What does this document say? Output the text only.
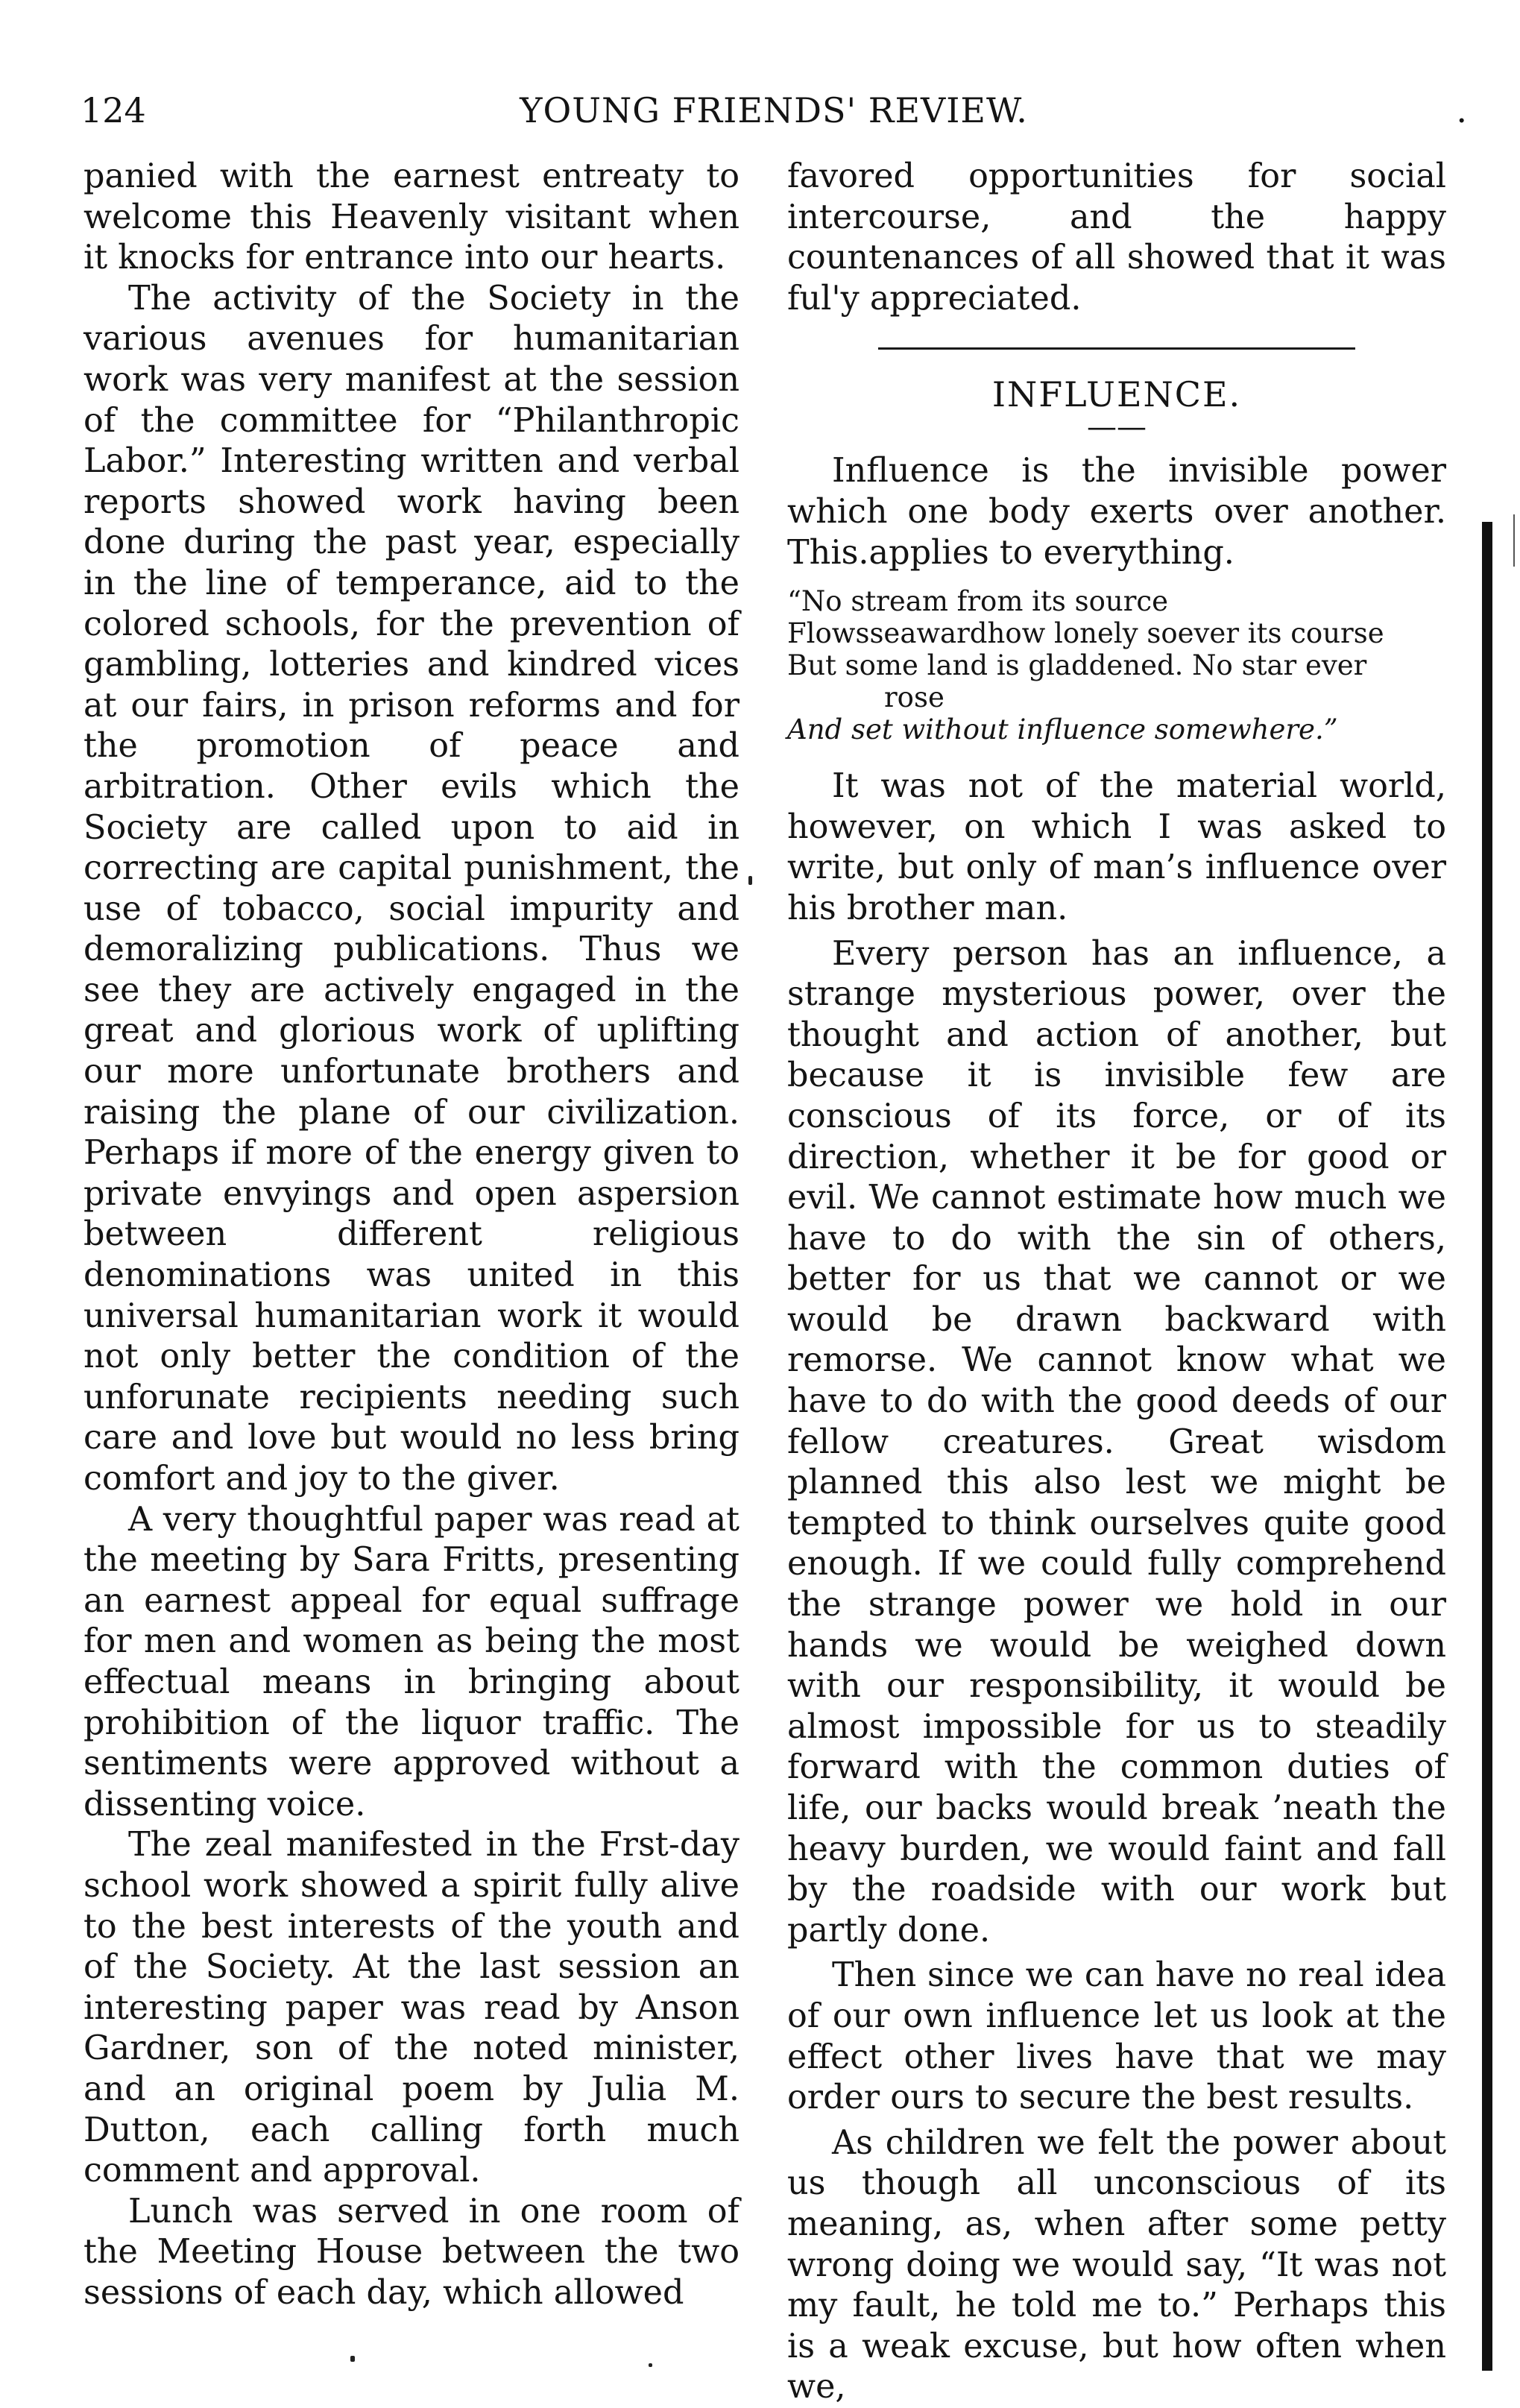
124	YOUNG FRIENDS' REVIEW.	.

panied with the earnest entreaty to welcome this Heavenly visitant when it knocks for entrance into our hearts.

The activity of the Society in the various avenues for humanitarian work was very manifest at the session of the committee for “Philanthropic Labor.” Interesting written and verbal reports showed work having been done during the past year, especially in the line of temperance, aid to the colored schools, for the prevention of gambling, lotteries and kindred vices at our fairs, in prison reforms and for the promotion of peace and arbitration. Other evils which the Society are called upon to aid in correcting are capital punishment, the use of tobacco, social impurity and demoralizing publications. Thus we see they are actively engaged in the great and glorious work of uplifting our more unfortunate brothers and raising the plane of our civilization. Perhaps if more of the energy given to private envyings and open aspersion between different religious denominations was united in this universal humanitarian work it would not only better the condition of the unforunate recipients needing such care and love but would no less bring comfort and joy to the giver.

A very thoughtful paper was read at the meeting by Sara Fritts, presenting an earnest appeal for equal suffrage for men and women as being the most effectual means in bringing about prohibition of the liquor traffic. The sentiments were approved without a dissenting voice.

The zeal manifested in the Frst-day school work showed a spirit fully alive to the best interests of the youth and of the Society. At the last session an interesting paper was read by Anson Gardner, son of the noted minister, and an original poem by Julia M. Dutton, each calling forth much comment and approval.

Lunch was served in one room of the Meeting House between the two sessions of each day, which allowed

favored opportunities for social intercourse, and the happy countenances of all showed that it was ful'y appreciated.

INFLUENCE.
——

Influence is the invisible power which one body exerts over another. This.applies to everything.

“No stream from its source
Flowsseawardhow lonely soever its course
But some land is gladdened. No star ever
rose
And set without influence somewhere.”

It was not of the material world, however, on which I was asked to write, but only of man’s influence over his brother man.

Every person has an influence, a strange mysterious power, over the thought and action of another, but because it is invisible few are conscious of its force, or of its direction, whether it be for good or evil. We cannot estimate how much we have to do with the sin of others, better for us that we cannot or we would be drawn backward with remorse. We cannot know what we have to do with the good deeds of our fellow creatures. Great wisdom planned this also lest we might be tempted to think ourselves quite good enough. If we could fully comprehend the strange power we hold in our hands we would be weighed down with our responsibility, it would be almost impossible for us to steadily forward with the common duties of life, our backs would break ’neath the heavy burden, we would faint and fall by the roadside with our work but partly done.

Then since we can have no real idea of our own influence let us look at the effect other lives have that we may order ours to secure the best results.

As children we felt the power about us though all unconscious of its meaning, as, when after some petty wrong doing we would say, “It was not my fault, he told me to.” Perhaps this is a weak excuse, but how often when we,
